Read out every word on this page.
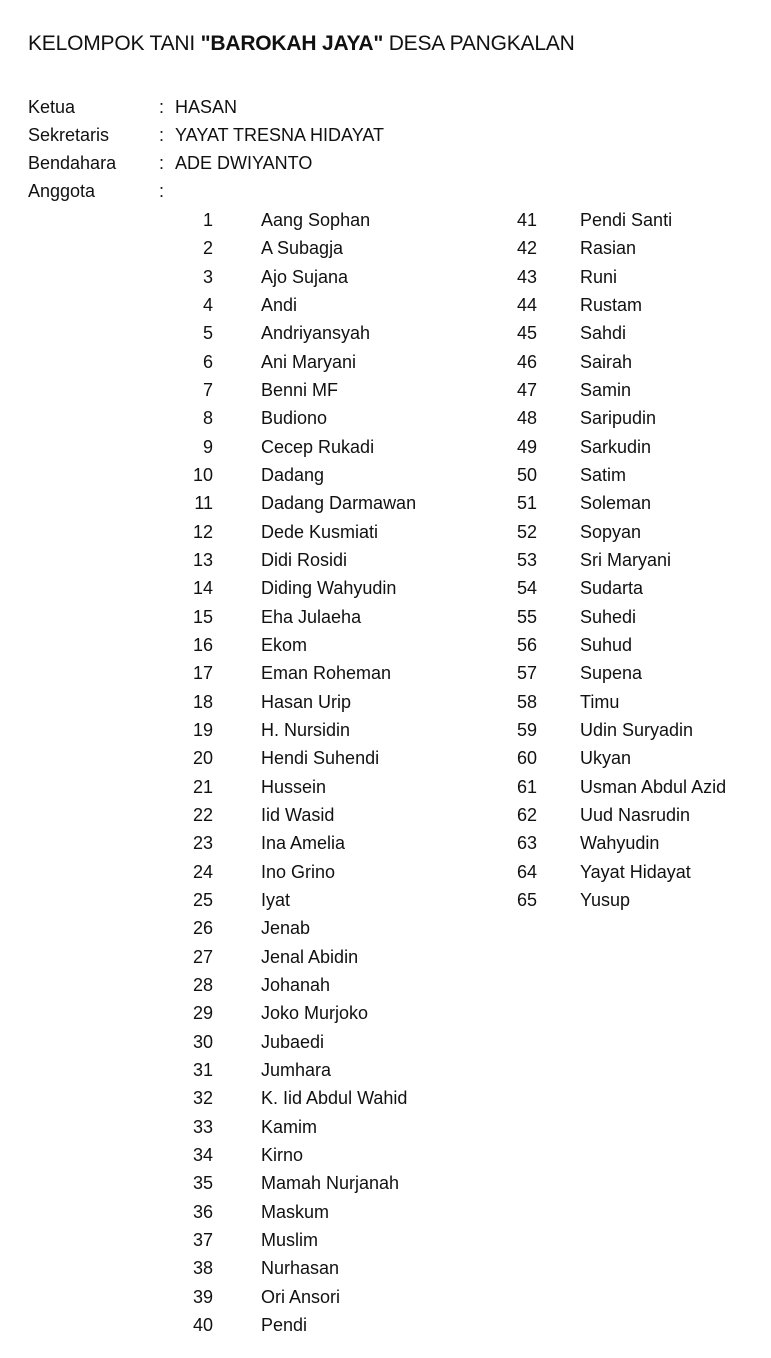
KELOMPOK TANI "BAROKAH JAYA" DESA PANGKALAN
Ketua	: HASAN
Sekretaris	: YAYAT TRESNA HIDAYAT
Bendahara : ADE DWIYANTO
Anggota	:
1	Aang Sophan
2	A Subagja
3	Ajo Sujana
4	Andi
5	Andriyansyah
6	Ani Maryani
7	Benni MF
8	Budiono
9	Cecep Rukadi
10	Dadang
11	Dadang Darmawan
12	Dede Kusmiati
13	Didi Rosidi
14	Diding Wahyudin
15	Eha Julaeha
16	Ekom
17	Eman Roheman
18	Hasan Urip
19	H. Nursidin
20	Hendi Suhendi
21	Hussein
22	Iid Wasid
23	Ina Amelia
24	Ino Grino
25	Iyat
26	Jenab
27	Jenal Abidin
28	Johanah
29	Joko Murjoko
30	Jubaedi
31	Jumhara
32	K. Iid Abdul Wahid
33	Kamim
34	Kirno
35	Mamah Nurjanah
36	Maskum
37	Muslim
38	Nurhasan
39	Ori Ansori
40	Pendi
41 Pendi Santi
42 Rasian
43 Runi
44 Rustam
45 Sahdi
46 Sairah
47 Samin
48 Saripudin
49 Sarkudin
50 Satim
51 Soleman
52 Sopyan
53 Sri Maryani
54 Sudarta
55 Suhedi
56 Suhud
57 Supena
58 Timu
59 Udin Suryadin
60 Ukyan
61 Usman Abdul Azid
62 Uud Nasrudin
63 Wahyudin
64 Yayat Hidayat
65 Yusup
